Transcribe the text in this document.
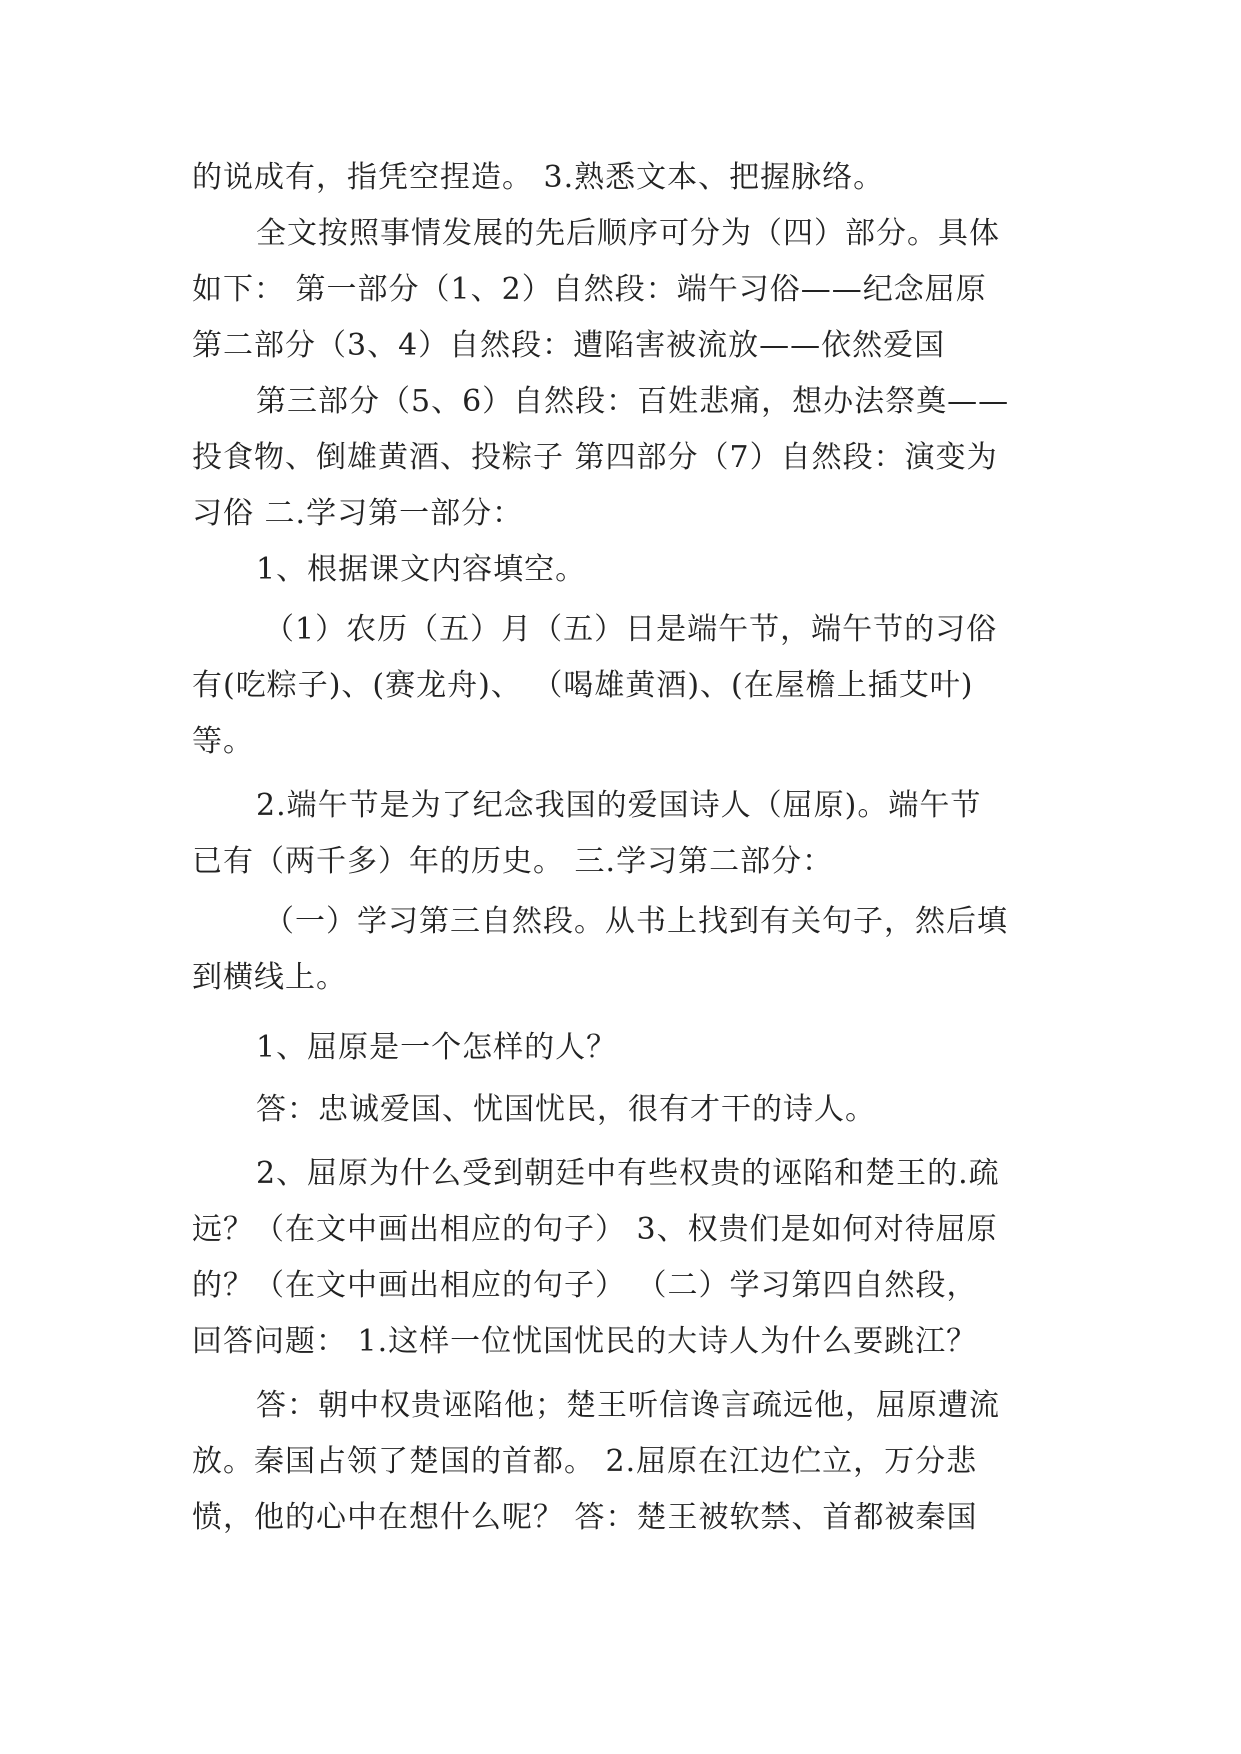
的说成有，指凭空捏造。 3.熟悉文本、把握脉络。
全文按照事情发展的先后顺序可分为（四）部分。具体
如下： 第一部分（1、2）自然段：端午习俗——纪念屈原
第二部分（3、4）自然段：遭陷害被流放——依然爱国
第三部分（5、6）自然段：百姓悲痛，想办法祭奠——
投食物、倒雄黄酒、投粽子 第四部分（7）自然段：演变为
习俗 二.学习第一部分：
1、根据课文内容填空。
（1）农历（五）月（五）日是端午节，端午节的习俗
有(吃粽子)、(赛龙舟)、 （喝雄黄酒)、(在屋檐上插艾叶)
等。
2.端午节是为了纪念我国的爱国诗人（屈原)。端午节
已有（两千多）年的历史。 三.学习第二部分：
（一）学习第三自然段。从书上找到有关句子，然后填
到横线上。
1、屈原是一个怎样的人？
答：忠诚爱国、忧国忧民，很有才干的诗人。
2、屈原为什么受到朝廷中有些权贵的诬陷和楚王的.疏
远？（在文中画出相应的句子） 3、权贵们是如何对待屈原
的？（在文中画出相应的句子） （二）学习第四自然段，
回答问题： 1.这样一位忧国忧民的大诗人为什么要跳江？
答：朝中权贵诬陷他；楚王听信谗言疏远他，屈原遭流
放。秦国占领了楚国的首都。 2.屈原在江边伫立，万分悲
愤，他的心中在想什么呢？ 答：楚王被软禁、首都被秦国
